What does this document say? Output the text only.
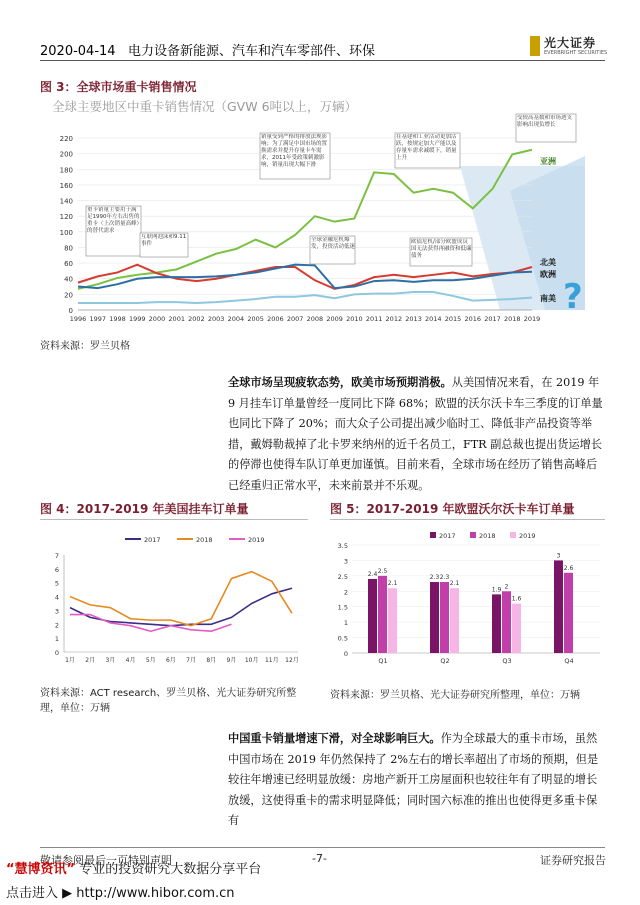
2020-04-14 电力设备新能源、汽车和汽车零部件、环保
光大证券
EVERBRIGHT SECURITIES
图 3：全球市场重卡销售情况
全球主要地区中重卡销售情况（GVW 6吨以上，万辆）
0
20
40
60
80
100
120
140
160
180
200
220
1996 1997 1998 1999 2000 2001 2002 2003 2004 2005 2006 2007 2008 2009 2010 2011 2012 2013 2014 2015 2016 2017 2018 2019
重卡销量主要用于满足1990年左右出售的重卡（上次销量高峰）的替代需求
互联网泡沫和9.11事件
销量受到严格的排放法规影响；为了满足中国市场的置换需求并提升存量卡车需求，2011年受政策刺激影响，销量出现大幅下滑
全球金融危机爆发，投资活动低迷
在基建和工业活动更加活跃，按规定加大产能以及存量车需求减缓下，销量上升
欧债危机/部分欧盟成员国无法获得再融资和低廉债务
受较高基数和市场透支影响出现负增长
?
亚洲
北美
欧洲
南美
资料来源：罗兰贝格
全球市场呈现疲软态势，欧美市场预期消极。从美国情况来看，在 2019 年 9 月挂车订单量曾经一度同比下降 68%；欧盟的沃尔沃卡车三季度的订单量也同比下降了 20%；而大众子公司提出减少临时工、降低非产品投资等举措，戴姆勒裁掉了北卡罗来纳州的近千名员工，FTR 副总裁也提出货运增长的停滞也使得车队订单更加谨慎。目前来看，全球市场在经历了销售高峰后已经重归正常水平，未来前景并不乐观。
图 4：2017-2019 年美国挂车订单量
0
1
2
3
4
5
6
7
1月 2月 3月 4月 5月 6月 7月 8月 9月 10月 11月 12月
2017	2018	2019
资料来源：ACT research、罗兰贝格、光大证券研究所整理，单位：万辆
图 5：2017-2019 年欧盟沃尔沃卡车订单量
0
0.5
1
1.5
2
2.5
3
3.5
Q1	Q2	Q3	Q4
2.4 2.5
2.1
2.3 2.3
2.1
1.9 2
1.6
3
2.6
2017	2018	2019
资料来源：罗兰贝格、光大证券研究所整理，单位：万辆
中国重卡销量增速下滑，对全球影响巨大。作为全球最大的重卡市场，虽然中国市场在 2019 年仍然保持了 2%左右的增长率超出了市场的预期，但是较往年增速已经明显放缓：房地产新开工房屋面积也较往年有了明显的增长放缓，这使得重卡的需求明显降低；同时国六标准的推出也使得更多重卡保有
敬请参阅最后一页特别声明	-7-	证券研究报告
“慧博资讯” 专业的投资研究大数据分享平台
点击进入 ▶ http://www.hibor.com.cn
